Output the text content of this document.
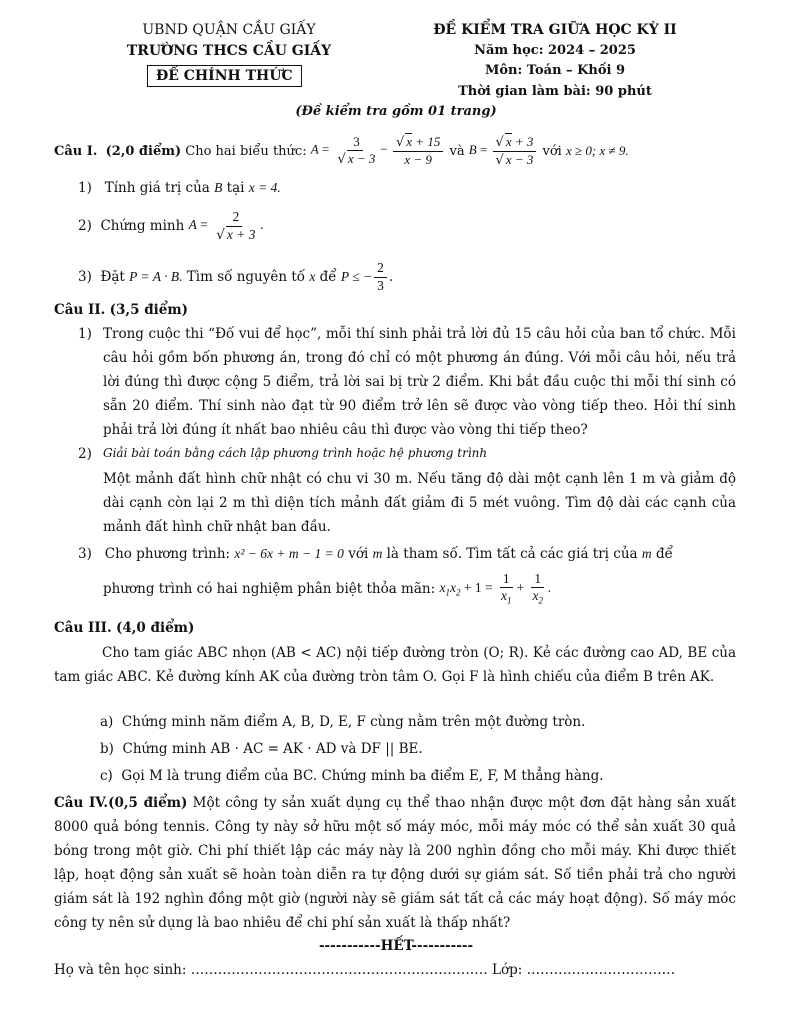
UBND QUẬN CẦU GIẤY
TRƯỜNG THCS CẦU GIẤY
ĐỀ CHÍNH THỨC
ĐỀ KIỂM TRA GIỮA HỌC KỲ II
Năm học: 2024 – 2025
Môn: Toán – Khối 9
Thời gian làm bài: 90 phút
(Đề kiểm tra gồm 01 trang)
Câu I.
(2,0 điểm)
Cho hai biểu thức:
$A = \frac{3}{√ x - 3} - \frac{√ x + 15}{x - 9}$
và
$B = \frac{√ x + 3}{√ x - 3}$
với
x ≥ 0; x ≠ 9.
1) Tính giá trị của B tại x = 4.
2)
Chứng minh
$A = \frac{2}{√ x + 3}$ .
3)
Đặt
P = A · B.
Tìm số nguyên tố
x
để
P ≤ − $\frac{2}{3}$ .
Câu II. (3,5 điểm)
1) Trong cuộc thi “Đố vui để học”, mỗi thí sinh phải trả lời đủ 15 câu hỏi của ban tổ chức. Mỗi câu hỏi gồm bốn phương án, trong đó chỉ có một phương án đúng. Với mỗi câu hỏi, nếu trả lời đúng thì được cộng 5 điểm, trả lời sai bị trừ 2 điểm. Khi bắt đầu cuộc thi mỗi thí sinh có sẵn 20 điểm. Thí sinh nào đạt từ 90 điểm trở lên sẽ được vào vòng tiếp theo. Hỏi thí sinh phải trả lời đúng ít nhất bao nhiêu câu thì được vào vòng thi tiếp theo?
2) Giải bài toán bằng cách lập phương trình hoặc hệ phương trình
Một mảnh đất hình chữ nhật có chu vi 30 m. Nếu tăng độ dài một cạnh lên 1 m và giảm độ dài cạnh còn lại 2 m thì diện tích mảnh đất giảm đi 5 mét vuông. Tìm độ dài các cạnh của mảnh đất hình chữ nhật ban đầu.
3) Cho phương trình: x² − 6x + m − 1 = 0 với m là tham số. Tìm tất cả các giá trị của m để
phương trình có hai nghiệm phân biệt thỏa mãn:
$x_1x_2 + 1 = \frac{1}{x_1} + \frac{1}{x_2}$ .
Câu III. (4,0 điểm)
Cho tam giác ABC nhọn (AB < AC) nội tiếp đường tròn (O; R). Kẻ các đường cao AD, BE của tam giác ABC. Kẻ đường kính AK của đường tròn tâm O. Gọi F là hình chiếu của điểm B trên AK.
a) Chứng minh năm điểm A, B, D, E, F cùng nằm trên một đường tròn.
b) Chứng minh AB · AC = AK · AD và DF || BE.
c) Gọi M là trung điểm của BC. Chứng minh ba điểm E, F, M thẳng hàng.
Câu IV.(0,5 điểm) Một công ty sản xuất dụng cụ thể thao nhận được một đơn đặt hàng sản xuất 8000 quả bóng tennis. Công ty này sở hữu một số máy móc, mỗi máy móc có thể sản xuất 30 quả bóng trong một giờ. Chi phí thiết lập các máy này là 200 nghìn đồng cho mỗi máy. Khi được thiết lập, hoạt động sản xuất sẽ hoàn toàn diễn ra tự động dưới sự giám sát. Số tiền phải trả cho người giám sát là 192 nghìn đồng một giờ (người này sẽ giám sát tất cả các máy hoạt động). Số máy móc công ty nên sử dụng là bao nhiêu để chi phí sản xuất là thấp nhất?
-----------HẾT-----------
Họ và tên học sinh: ………………………………………………………… Lớp: ……………………………
